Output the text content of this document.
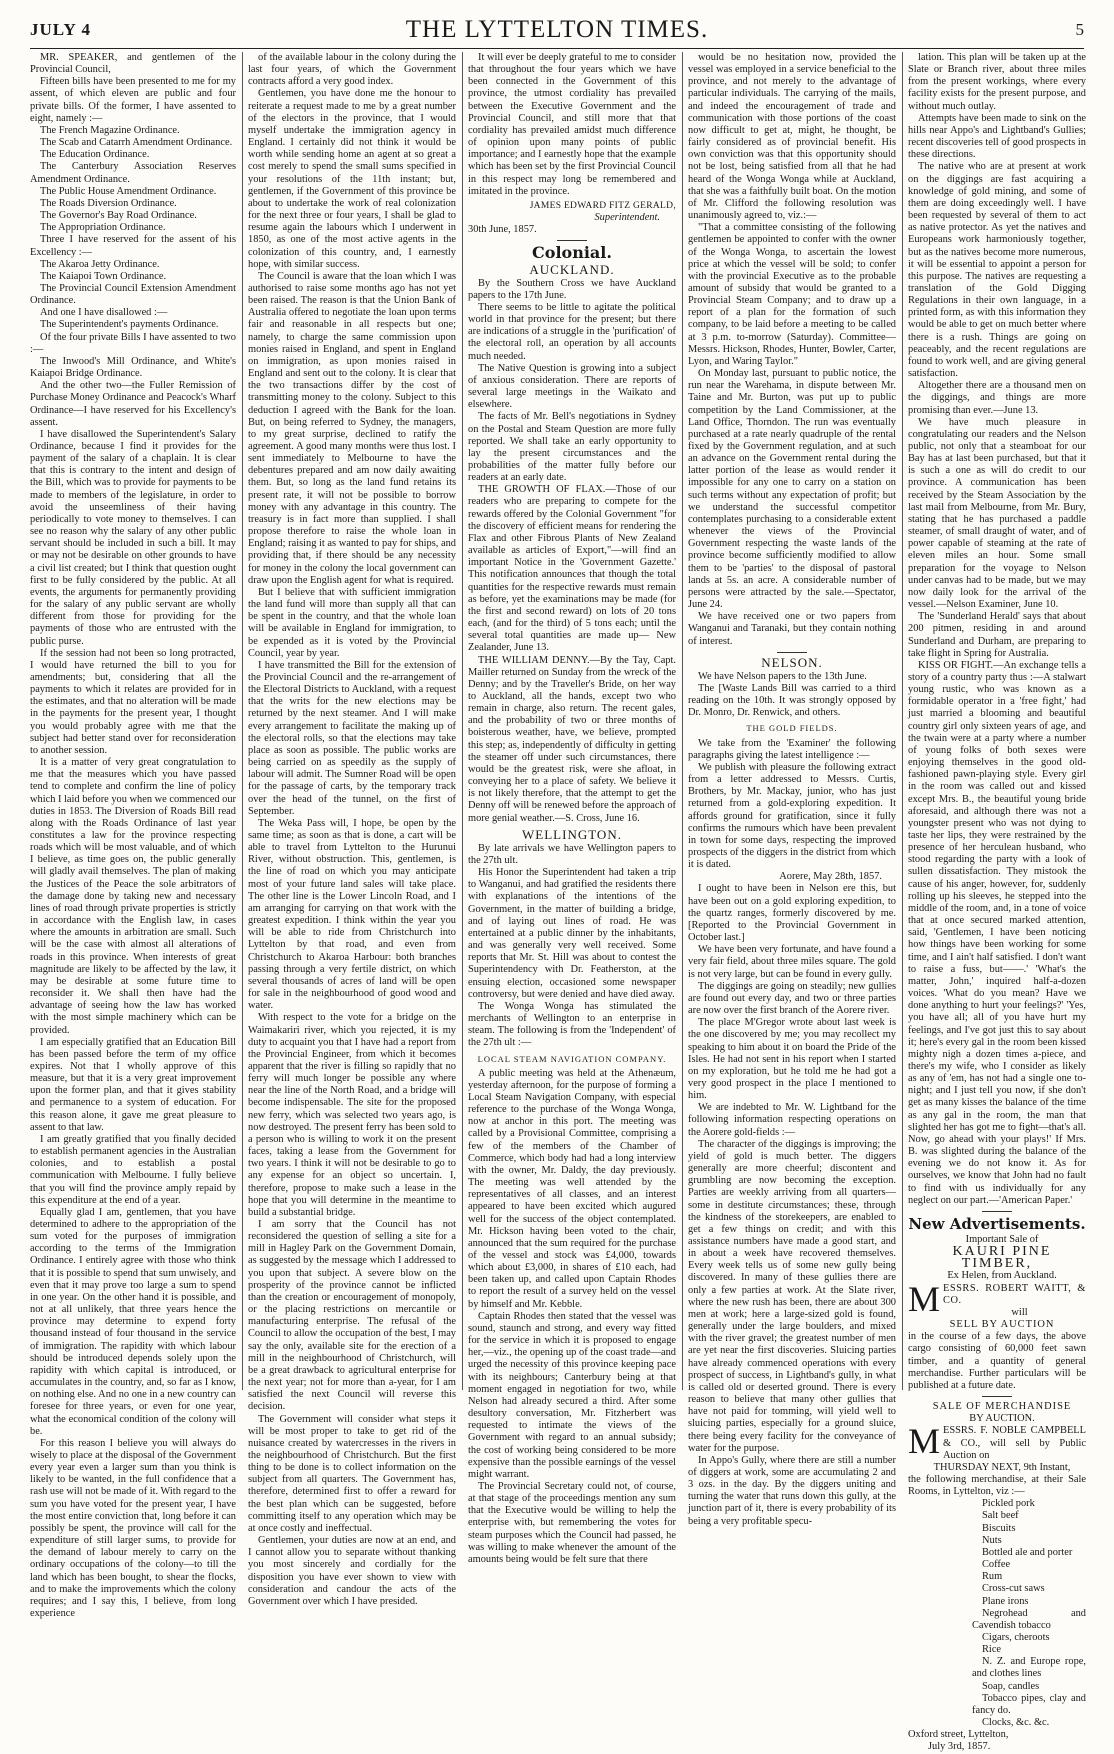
JULY 4	THE LYTTELTON TIMES.	5

MR. SPEAKER, and gentlemen of the Provincial Council,

Fifteen bills have been presented to me for my assent, of which eleven are public and four private bills. Of the former, I have assented to eight, namely :—

The French Magazine Ordinance.

The Scab and Catarrh Amendment Ordinance.

The Education Ordinance.

The Canterbury Association Reserves Amendment Ordinance.

The Public House Amendment Ordinance.

The Roads Diversion Ordinance.

The Governor's Bay Road Ordinance.

The Appropriation Ordinance.

Three I have reserved for the assent of his Excellency :—

The Akaroa Jetty Ordinance.

The Kaiapoi Town Ordinance.

The Provincial Council Extension Amendment Ordinance.

And one I have disallowed :—

The Superintendent's payments Ordinance.

Of the four private Bills I have assented to two :—

The Inwood's Mill Ordinance, and White's Kaiapoi Bridge Ordinance.

And the other two—the Fuller Remission of Purchase Money Ordinance and Peacock's Wharf Ordinance—I have reserved for his Excellency's assent.

I have disallowed the Superintendent's Salary Ordinance, because I find it provides for the payment of the salary of a chaplain. It is clear that this is contrary to the intent and design of the Bill, which was to provide for payments to be made to members of the legislature, in order to avoid the unseemliness of their having periodically to vote money to themselves. I can see no reason why the salary of any other public servant should be included in such a bill. It may or may not be desirable on other grounds to have a civil list created; but I think that question ought first to be fully considered by the public. At all events, the arguments for permanently providing for the salary of any public servant are wholly different from those for providing for the payments of those who are entrusted with the public purse.

If the session had not been so long protracted, I would have returned the bill to you for amendments; but, considering that all the payments to which it relates are provided for in the estimates, and that no alteration will be made in the payments for the present year, I thought you would probably agree with me that the subject had better stand over for reconsideration to another session.

It is a matter of very great congratulation to me that the measures which you have passed tend to complete and confirm the line of policy which I laid before you when we commenced our duties in 1853. The Diversion of Roads Bill read along with the Roads Ordinance of last year constitutes a law for the province respecting roads which will be most valuable, and of which I believe, as time goes on, the public generally will gladly avail themselves. The plan of making the Justices of the Peace the sole arbitrators of the damage done by taking new and necessary lines of road through private properties is strictly in accordance with the English law, in cases where the amounts in arbitration are small. Such will be the case with almost all alterations of roads in this province. When interests of great magnitude are likely to be affected by the law, it may be desirable at some future time to reconsider it. We shall then have had the advantage of seeing how the law has worked with the most simple machinery which can be provided.

I am especially gratified that an Education Bill has been passed before the term of my office expires. Not that I wholly approve of this measure, but that it is a very great improvement upon the former plan, and that it gives stability and permanence to a system of education. For this reason alone, it gave me great pleasure to assent to that law.

I am greatly gratified that you finally decided to establish permanent agencies in the Australian colonies, and to establish a postal communication with Melbourne. I fully believe that you will find the province amply repaid by this expenditure at the end of a year.

Equally glad I am, gentlemen, that you have determined to adhere to the appropriation of the sum voted for the purposes of immigration according to the terms of the Immigration Ordinance. I entirely agree with those who think that it is possible to spend that sum unwisely, and even that it may prove too large a sum to spend in one year. On the other hand it is possible, and not at all unlikely, that three years hence the province may determine to expend forty thousand instead of four thousand in the service of immigration. The rapidity with which labour should be introduced depends solely upon the rapidity with which capital is introduced, or accumulates in the country, and, so far as I know, on nothing else. And no one in a new country can foresee for three years, or even for one year, what the economical condition of the colony will be.

For this reason I believe you will always do wisely to place at the disposal of the Government every year even a larger sum than you think is likely to be wanted, in the full confidence that a rash use will not be made of it. With regard to the sum you have voted for the present year, I have the most entire conviction that, long before it can possibly be spent, the province will call for the expenditure of still larger sums, to provide for the demand of labour merely to carry on the ordinary occupations of the colony—to till the land which has been bought, to shear the flocks, and to make the improvements which the colony requires; and I say this, I believe, from long experience

of the available labour in the colony during the last four years, of which the Government contracts afford a very good index.

Gentlemen, you have done me the honour to reiterate a request made to me by a great number of the electors in the province, that I would myself undertake the immigration agency in England. I certainly did not think it would be worth while sending home an agent at so great a cost merely to spend the small sums specified in your resolutions of the 11th instant; but, gentlemen, if the Government of this province be about to undertake the work of real colonization for the next three or four years, I shall be glad to resume again the labours which I underwent in 1850, as one of the most active agents in the colonization of this country, and, I earnestly hope, with similar success.

The Council is aware that the loan which I was authorised to raise some months ago has not yet been raised. The reason is that the Union Bank of Australia offered to negotiate the loan upon terms fair and reasonable in all respects but one; namely, to charge the same commission upon monies raised in England, and spent in England on immigration, as upon monies raised in England and sent out to the colony. It is clear that the two transactions differ by the cost of transmitting money to the colony. Subject to this deduction I agreed with the Bank for the loan. But, on being referred to Sydney, the managers, to my great surprise, declined to ratify the agreement. A good many months were thus lost. I sent immediately to Melbourne to have the debentures prepared and am now daily awaiting them. But, so long as the land fund retains its present rate, it will not be possible to borrow money with any advantage in this country. The treasury is in fact more than supplied. I shall propose therefore to raise the whole loan in England; raising it as wanted to pay for ships, and providing that, if there should be any necessity for money in the colony the local government can draw upon the English agent for what is required.

But I believe that with sufficient immigration the land fund will more than supply all that can be spent in the country, and that the whole loan will be available in England for immigration, to be expended as it is voted by the Provincial Council, year by year.

I have transmitted the Bill for the extension of the Provincial Council and the re-arrangement of the Electoral Districts to Auckland, with a request that the writs for the new elections may be returned by the next steamer. And I will make every arrangement to facilitate the making up of the electoral rolls, so that the elections may take place as soon as possible. The public works are being carried on as speedily as the supply of labour will admit. The Sumner Road will be open for the passage of carts, by the temporary track over the head of the tunnel, on the first of September.

The Weka Pass will, I hope, be open by the same time; as soon as that is done, a cart will be able to travel from Lyttelton to the Hurunui River, without obstruction. This, gentlemen, is the line of road on which you may anticipate most of your future land sales will take place. The other line is the Lower Lincoln Road, and I am arranging for carrying on that work with the greatest expedition. I think within the year you will be able to ride from Christchurch into Lyttelton by that road, and even from Christchurch to Akaroa Harbour: both branches passing through a very fertile district, on which several thousands of acres of land will be open for sale in the neighbourhood of good wood and water.

With respect to the vote for a bridge on the Waimakariri river, which you rejected, it is my duty to acquaint you that I have had a report from the Provincial Engineer, from which it becomes apparent that the river is filling so rapidly that no ferry will much longer be possible any where near the line of the North Road, and a bridge will become indispensable. The site for the proposed new ferry, which was selected two years ago, is now destroyed. The present ferry has been sold to a person who is willing to work it on the present faces, taking a lease from the Government for two years. I think it will not be desirable to go to any expense for an object so uncertain. I, therefore, propose to make such a lease in the hope that you will determine in the meantime to build a substantial bridge.

I am sorry that the Council has not reconsidered the question of selling a site for a mill in Hagley Park on the Government Domain, as suggested by the message which I addressed to you upon that subject. A severe blow on the prosperity of the province cannot be inflicted than the creation or encouragement of monopoly, or the placing restrictions on mercantile or manufacturing enterprise. The refusal of the Council to allow the occupation of the best, I may say the only, available site for the erection of a mill in the neighbourhood of Christchurch, will be a great drawback to agricultural enterprise for the next year; not for more than a-year, for I am satisfied the next Council will reverse this decision.

The Government will consider what steps it will be most proper to take to get rid of the nuisance created by watercresses in the rivers in the neighbourhood of Christchurch. But the first thing to be done is to collect information on the subject from all quarters. The Government has, therefore, determined first to offer a reward for the best plan which can be suggested, before committing itself to any operation which may be at once costly and ineffectual.

Gentlemen, your duties are now at an end, and I cannot allow you to separate without thanking you most sincerely and cordially for the disposition you have ever shown to view with consideration and candour the acts of the Government over which I have presided.

It will ever be deeply grateful to me to consider that throughout the four years which we have been connected in the Government of this province, the utmost cordiality has prevailed between the Executive Government and the Provincial Council, and still more that that cordiality has prevailed amidst much difference of opinion upon many points of public importance; and I earnestly hope that the example which has been set by the first Provincial Council in this respect may long be remembered and imitated in the province.

JAMES EDWARD FITZ GERALD,

Superintendent.

30th June, 1857.

Colonial.
AUCKLAND.

By the Southern Cross we have Auckland papers to the 17th June.

There seems to be little to agitate the political world in that province for the present; but there are indications of a struggle in the 'purification' of the electoral roll, an operation by all accounts much needed.

The Native Question is growing into a subject of anxious consideration. There are reports of several large meetings in the Waikato and elsewhere.

The facts of Mr. Bell's negotiations in Sydney on the Postal and Steam Question are more fully reported. We shall take an early opportunity to lay the present circumstances and the probabilities of the matter fully before our readers at an early date.

THE GROWTH OF FLAX.—Those of our readers who are preparing to compete for the rewards offered by the Colonial Government "for the discovery of efficient means for rendering the Flax and other Fibrous Plants of New Zealand available as articles of Export,"—will find an important Notice in the 'Government Gazette.' This notification announces that though the total quantities for the respective rewards must remain as before, yet the examinations may be made (for the first and second reward) on lots of 20 tons each, (and for the third) of 5 tons each; until the several total quantities are made up— New Zealander, June 13.

THE WILLIAM DENNY.—By the Tay, Capt. Mailler returned on Sunday from the wreck of the Denny; and by the Traveller's Bride, on her way to Auckland, all the hands, except two who remain in charge, also return. The recent gales, and the probability of two or three months of boisterous weather, have, we believe, prompted this step; as, independently of difficulty in getting the steamer off under such circumstances, there would be the greatest risk, were she afloat, in conveying her to a place of safety. We believe it is not likely therefore, that the attempt to get the Denny off will be renewed before the approach of more genial weather.—S. Cross, June 16.

WELLINGTON.

By late arrivals we have Wellington papers to the 27th ult.

His Honor the Superintendent had taken a trip to Wanganui, and had gratified the residents there with explanations of the intentions of the Government, in the matter of building a bridge, and of laying out lines of road. He was entertained at a public dinner by the inhabitants, and was generally very well received. Some reports that Mr. St. Hill was about to contest the Superintendency with Dr. Featherston, at the ensuing election, occasioned some newspaper controversy, but were denied and have died away.

The Wonga Wonga has stimulated the merchants of Wellington to an enterprise in steam. The following is from the 'Independent' of the 27th ult :—

LOCAL STEAM NAVIGATION COMPANY.

A public meeting was held at the Athenæum, yesterday afternoon, for the purpose of forming a Local Steam Navigation Company, with especial reference to the purchase of the Wonga Wonga, now at anchor in this port. The meeting was called by a Provisional Committee, comprising a few of the members of the Chamber of Commerce, which body had had a long interview with the owner, Mr. Daldy, the day previously. The meeting was well attended by the representatives of all classes, and an interest appeared to have been excited which augured well for the success of the object contemplated. Mr. Hickson having been voted to the chair, announced that the sum required for the purchase of the vessel and stock was £4,000, towards which about £3,000, in shares of £10 each, had been taken up, and called upon Captain Rhodes to report the result of a survey held on the vessel by himself and Mr. Kebble.

Captain Rhodes then stated that the vessel was sound, staunch and strong, and every way fitted for the service in which it is proposed to engage her,—viz., the opening up of the coast trade—and urged the necessity of this province keeping pace with its neighbours; Canterbury being at that moment engaged in negotiation for two, while Nelson had already secured a third. After some desultory conversation, Mr. Fitzherbert was requested to intimate the views of the Government with regard to an annual subsidy; the cost of working being considered to be more expensive than the possible earnings of the vessel might warrant.

The Provincial Secretary could not, of course, at that stage of the proceedings mention any sum that the Executive would be willing to help the enterprise with, but remembering the votes for steam purposes which the Council had passed, he was willing to make whenever the amount of the amounts being would be felt sure that there

would be no hesitation now, provided the vessel was employed in a service beneficial to the province, and not merely to the advantage of particular individuals. The carrying of the mails, and indeed the encouragement of trade and communication with those portions of the coast now difficult to get at, might, he thought, be fairly considered as of provincial benefit. His own conviction was that this opportunity should not be lost, being satisfied from all that he had heard of the Wonga Wonga while at Auckland, that she was a faithfully built boat. On the motion of Mr. Clifford the following resolution was unanimously agreed to, viz.:—

"That a committee consisting of the following gentlemen be appointed to confer with the owner of the Wonga Wonga, to ascertain the lowest price at which the vessel will be sold; to confer with the provincial Executive as to the probable amount of subsidy that would be granted to a Provincial Steam Company; and to draw up a report of a plan for the formation of such company, to be laid before a meeting to be called at 3 p.m. to-morrow (Saturday). Committee—Messrs. Hickson, Rhodes, Hunter, Bowler, Carter, Lyon, and Waring Taylor."

On Monday last, pursuant to public notice, the run near the Warehama, in dispute between Mr. Taine and Mr. Burton, was put up to public competition by the Land Commissioner, at the Land Office, Thorndon. The run was eventually purchased at a rate nearly quadruple of the rental fixed by the Government regulation, and at such an advance on the Government rental during the latter portion of the lease as would render it impossible for any one to carry on a station on such terms without any expectation of profit; but we understand the successful competitor contemplates purchasing to a considerable extent whenever the views of the Provincial Government respecting the waste lands of the province become sufficiently modified to allow them to be 'parties' to the disposal of pastoral lands at 5s. an acre. A considerable number of persons were attracted by the sale.—Spectator, June 24.

We have received one or two papers from Wanganui and Taranaki, but they contain nothing of interest.

NELSON.

We have Nelson papers to the 13th June.

The [Waste Lands Bill was carried to a third reading on the 10th. It was strongly opposed by Dr. Monro, Dr. Renwick, and others.

THE GOLD FIELDS.

We take from the 'Examiner' the following paragraphs giving the latest intelligence :—

We publish with pleasure the following extract from a letter addressed to Messrs. Curtis, Brothers, by Mr. Mackay, junior, who has just returned from a gold-exploring expedition. It affords ground for gratification, since it fully confirms the rumours which have been prevalent in town for some days, respecting the improved prospects of the diggers in the district from which it is dated.

Aorere, May 28th, 1857.

I ought to have been in Nelson ere this, but have been out on a gold exploring expedition, to the quartz ranges, formerly discovered by me. [Reported to the Provincial Government in October last.]

We have been very fortunate, and have found a very fair field, about three miles square. The gold is not very large, but can be found in every gully.

The diggings are going on steadily; new gullies are found out every day, and two or three parties are now over the first branch of the Aorere river.

The place M'Gregor wrote about last week is the one discovered by me; you may recollect my speaking to him about it on board the Pride of the Isles. He had not sent in his report when I started on my exploration, but he told me he had got a very good prospect in the place I mentioned to him.

We are indebted to Mr. W. Lightband for the following information respecting operations on the Aorere gold-fields :—

The character of the diggings is improving; the yield of gold is much better. The diggers generally are more cheerful; discontent and grumbling are now becoming the exception. Parties are weekly arriving from all quarters—some in destitute circumstances; these, through the kindness of the storekeepers, are enabled to get a few things on credit; and with this assistance numbers have made a good start, and in about a week have recovered themselves. Every week tells us of some new gully being discovered. In many of these gullies there are only a few parties at work. At the Slate river, where the new rush has been, there are about 300 men at work; here a large-sized gold is found, generally under the large boulders, and mixed with the river gravel; the greatest number of men are yet near the first discoveries. Sluicing parties have already commenced operations with every prospect of success, in Lightband's gully, in what is called old or deserted ground. There is every reason to believe that many other gullies that have not paid for tomming, will yield well to sluicing parties, especially for a ground sluice, there being every facility for the conveyance of water for the purpose.

In Appo's Gully, where there are still a number of diggers at work, some are accumulating 2 and 3 ozs. in the day. By the diggers uniting and turning the water that runs down this gully, at the junction part of it, there is every probability of its being a very profitable specu-

lation. This plan will be taken up at the Slate or Branch river, about three miles from the present workings, where every facility exists for the present purpose, and without much outlay.

Attempts have been made to sink on the hills near Appo's and Lightband's Gullies; recent discoveries tell of good prospects in these directions.

The native who are at present at work on the diggings are fast acquiring a knowledge of gold mining, and some of them are doing exceedingly well. I have been requested by several of them to act as native protector. As yet the natives and Europeans work harmoniously together, but as the natives become more numerous, it will be essential to appoint a person for this purpose. The natives are requesting a translation of the Gold Digging Regulations in their own language, in a printed form, as with this information they would be able to get on much better where there is a rush. Things are going on peaceably, and the recent regulations are found to work well, and are giving general satisfaction.

Altogether there are a thousand men on the diggings, and things are more promising than ever.—June 13.

We have much pleasure in congratulating our readers and the Nelson public, not only that a steamboat for our Bay has at last been purchased, but that it is such a one as will do credit to our province. A communication has been received by the Steam Association by the last mail from Melbourne, from Mr. Bury, stating that he has purchased a paddle steamer, of small draught of water, and of power capable of steaming at the rate of eleven miles an hour. Some small preparation for the voyage to Nelson under canvas had to be made, but we may now daily look for the arrival of the vessel.—Nelson Examiner, June 10.

The 'Sunderland Herald' says that about 200 pitmen, residing in and around Sunderland and Durham, are preparing to take flight in Spring for Australia.

KISS OR FIGHT.—An exchange tells a story of a country party thus :—A stalwart young rustic, who was known as a formidable operator in a 'free fight,' had just married a blooming and beautiful country girl only sixteen years of age, and the twain were at a party where a number of young folks of both sexes were enjoying themselves in the good old-fashioned pawn-playing style. Every girl in the room was called out and kissed except Mrs. B., the beautiful young bride aforesaid, and although there was not a youngster present who was not dying to taste her lips, they were restrained by the presence of her herculean husband, who stood regarding the party with a look of sullen dissatisfaction. They mistook the cause of his anger, however, for, suddenly rolling up his sleeves, he stepped into the middle of the room, and, in a tone of voice that at once secured marked attention, said, 'Gentlemen, I have been noticing how things have been working for some time, and I ain't half satisfied. I don't want to raise a fuss, but——.' 'What's the matter, John,' inquired half-a-dozen voices. 'What do you mean? Have we done anything to hurt your feelings?' 'Yes, you have all; all of you have hurt my feelings, and I've got just this to say about it; here's every gal in the room been kissed mighty nigh a dozen times a-piece, and there's my wife, who I consider as likely as any of 'em, has not had a single one to-night; and I just tell you now, if she don't get as many kisses the balance of the time as any gal in the room, the man that slighted her has got me to fight—that's all. Now, go ahead with your plays!' If Mrs. B. was slighted during the balance of the evening we do not know it. As for ourselves, we know that John had no fault to find with us individually for any neglect on our part.—'American Paper.'

New Advertisements.

Important Sale of

KAURI PINE TIMBER,

Ex Helen, from Auckland.

MESSRS. ROBERT WAITT, & CO.

will

SELL BY AUCTION

in the course of a few days, the above cargo consisting of 60,000 feet sawn timber, and a quantity of general merchandise. Further particulars will be published at a future date.

SALE OF MERCHANDISE

BY AUCTION.

MESSRS. F. NOBLE CAMPBELL & CO., will sell by Public Auction on

THURSDAY NEXT, 9th Instant,

the following merchandise, at their Sale Rooms, in Lyttelton, viz :—

Pickled pork

Salt beef

Biscuits

Nuts

Bottled ale and porter

Coffee

Rum

Cross-cut saws

Plane irons

Negrohead and Cavendish tobacco

Cigars, cheroots

Rice

N. Z. and Europe rope, and clothes lines

Soap, candles

Tobacco pipes, clay and fancy do.

Clocks, &c. &c.

Oxford street, Lyttelton,

July 3rd, 1857.
